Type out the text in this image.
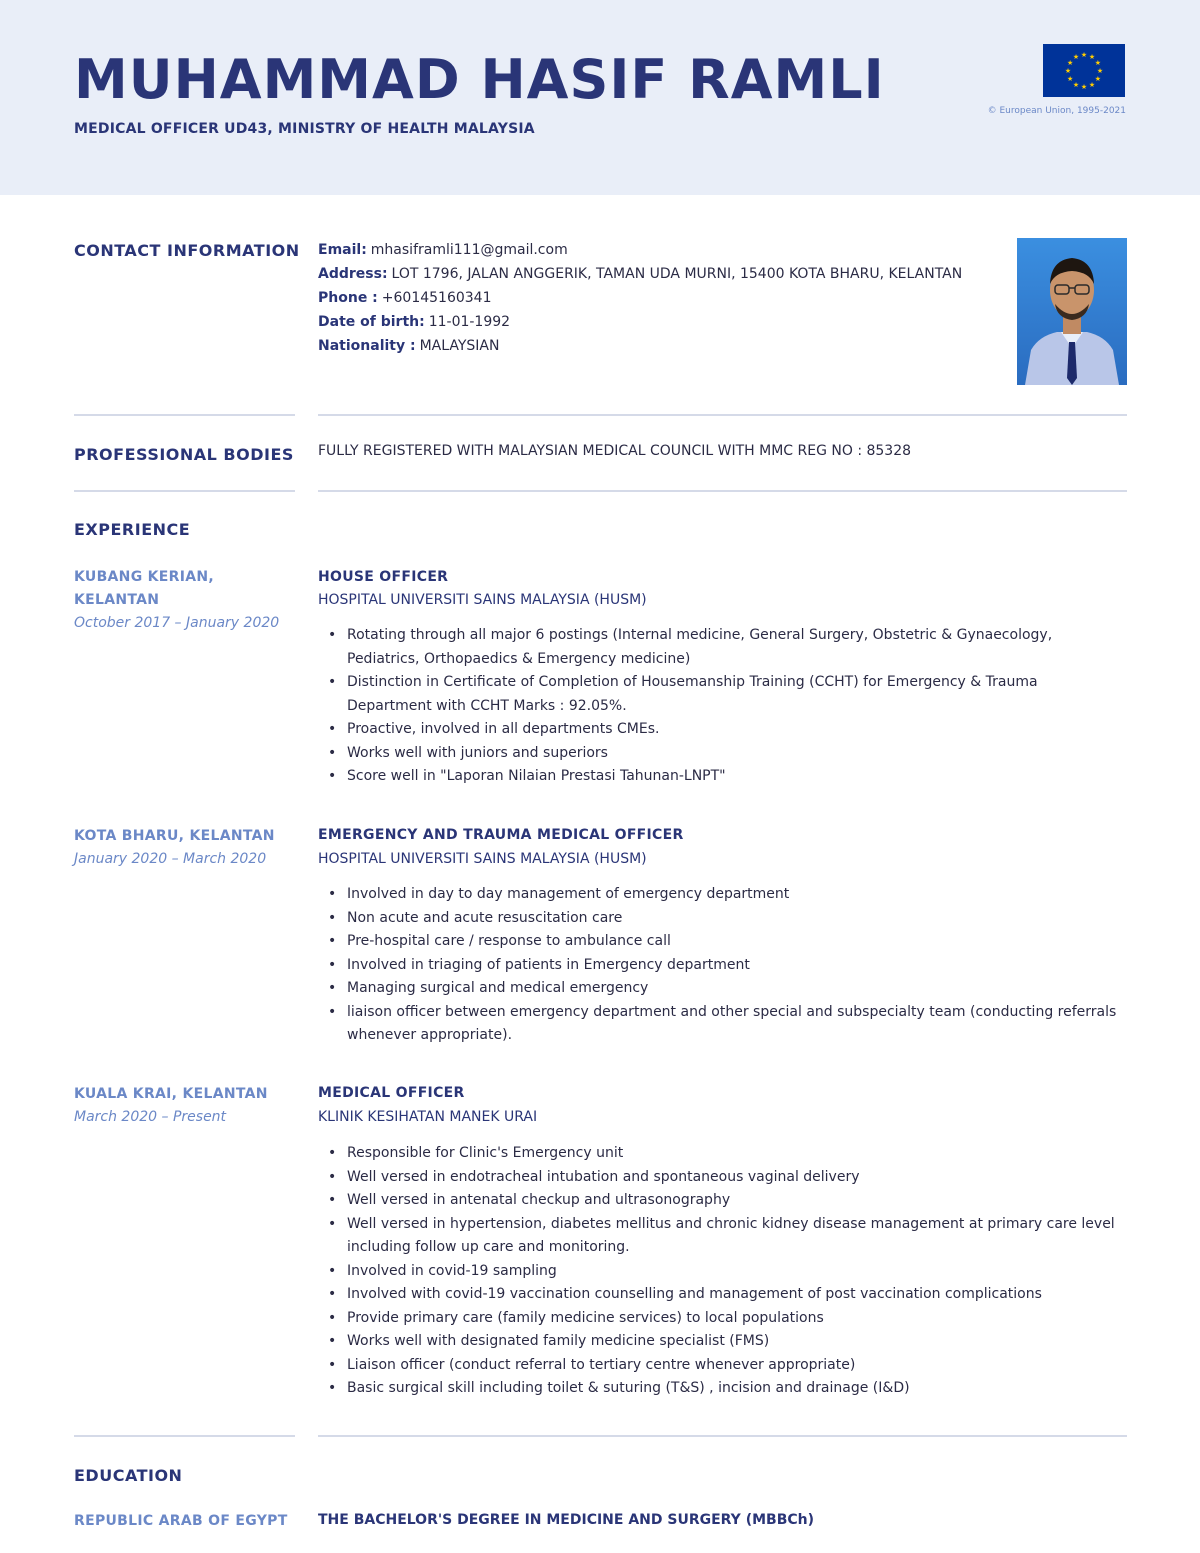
MUHAMMAD HASIF RAMLI
MEDICAL OFFICER UD43, MINISTRY OF HEALTH MALAYSIA
★ ★
★
★
★
★
★
★
★
★
★
★
© European Union, 1995-2021
CONTACT INFORMATION Email: mhasiframli111@gmail.com
Address: LOT 1796, JALAN ANGGERIK, TAMAN UDA MURNI, 15400 KOTA BHARU, KELANTAN
Phone : +60145160341
Date of birth: 11-01-1992
Nationality : MALAYSIAN
PROFESSIONAL BODIES FULLY REGISTERED WITH MALAYSIAN MEDICAL COUNCIL WITH MMC REG NO : 85328
EXPERIENCE
KUBANG KERIAN, KELANTAN
October 2017 – January 2020
HOUSE OFFICER
HOSPITAL UNIVERSITI SAINS MALAYSIA (HUSM)
• Rotating through all major 6 postings (Internal medicine, General Surgery, Obstetric & Gynaecology, Pediatrics, Orthopaedics & Emergency medicine)
• Distinction in Certificate of Completion of Housemanship Training (CCHT) for Emergency & Trauma Department with CCHT Marks : 92.05%.
• Proactive, involved in all departments CMEs.
• Works well with juniors and superiors
• Score well in "Laporan Nilaian Prestasi Tahunan-LNPT"
KOTA BHARU, KELANTAN
January 2020 – March 2020
EMERGENCY AND TRAUMA MEDICAL OFFICER
HOSPITAL UNIVERSITI SAINS MALAYSIA (HUSM)
• Involved in day to day management of emergency department
• Non acute and acute resuscitation care
• Pre-hospital care / response to ambulance call
• Involved in triaging of patients in Emergency department
• Managing surgical and medical emergency
• liaison officer between emergency department and other special and subspecialty team (conducting referrals whenever appropriate).
KUALA KRAI, KELANTAN
March 2020 – Present
MEDICAL OFFICER
KLINIK KESIHATAN MANEK URAI
• Responsible for Clinic's Emergency unit
• Well versed in endotracheal intubation and spontaneous vaginal delivery
• Well versed in antenatal checkup and ultrasonography
• Well versed in hypertension, diabetes mellitus and chronic kidney disease management at primary care level including follow up care and monitoring.
• Involved in covid-19 sampling
• Involved with covid-19 vaccination counselling and management of post vaccination complications
• Provide primary care (family medicine services) to local populations
• Works well with designated family medicine specialist (FMS)
• Liaison officer (conduct referral to tertiary centre whenever appropriate)
• Basic surgical skill including toilet & suturing (T&S) , incision and drainage (I&D)
EDUCATION
REPUBLIC ARAB OF EGYPT	THE BACHELOR'S DEGREE IN MEDICINE AND SURGERY (MBBCh)
